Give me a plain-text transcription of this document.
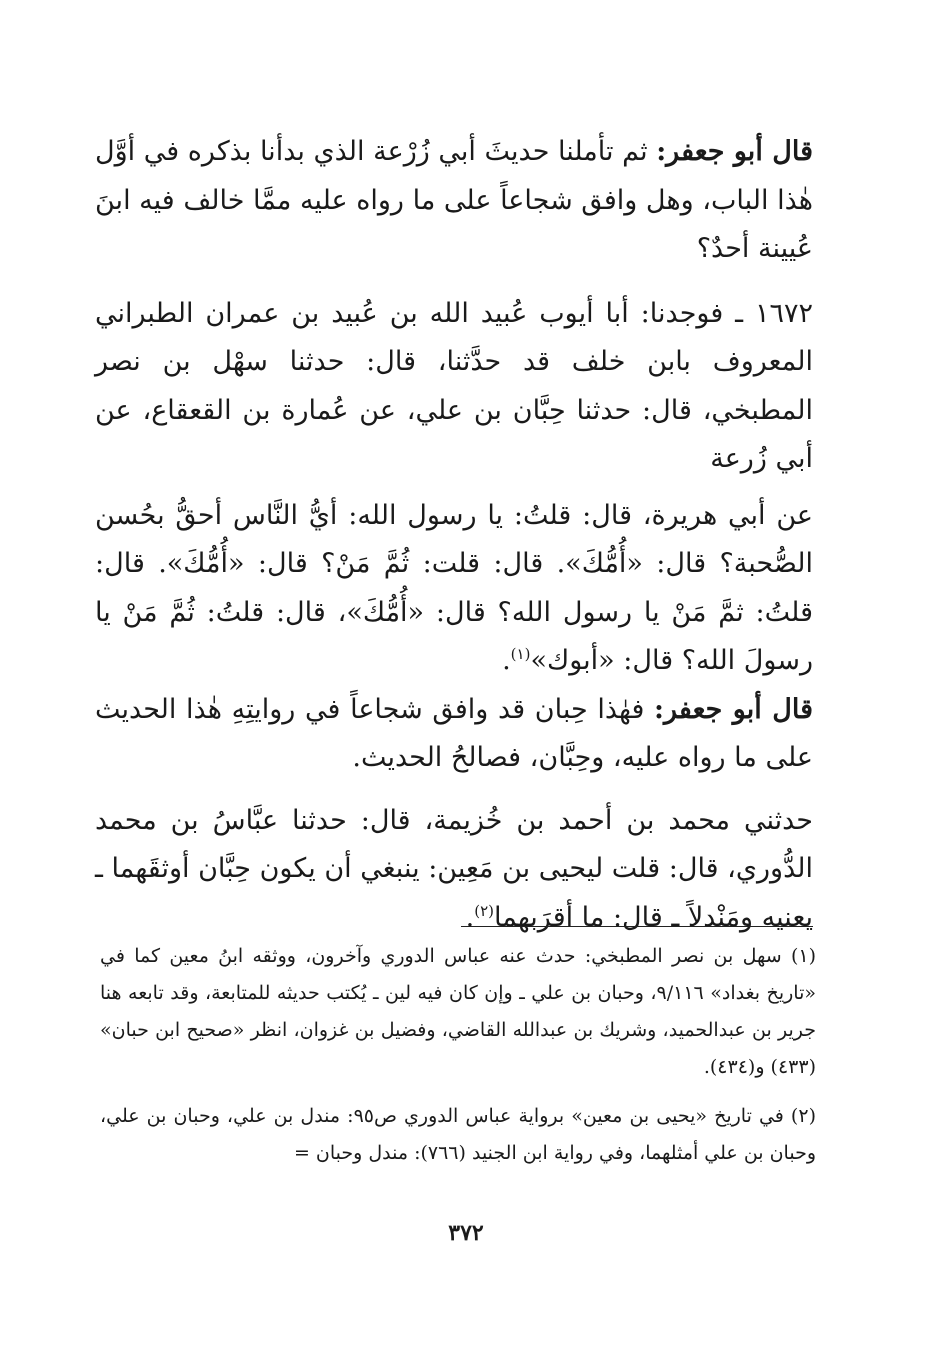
قال أبو جعفر: ثم تأملنا حديثَ أبي زُرْعة الذي بدأنا بذكره في أوَّل هٰذا الباب، وهل وافق شجاعاً على ما رواه عليه ممَّا خالف فيه ابنَ عُيينة أحدٌ؟

١٦٧٢ ـ فوجدنا: أبا أيوب عُبيد الله بن عُبيد بن عمران الطبراني المعروف بابن خلف قد حدَّثنا، قال: حدثنا سهْل بن نصر المطبخي، قال: حدثنا حِبَّان بن علي، عن عُمارة بن القعقاع، عن أبي زُرعة

عن أبي هريرة، قال: قلتُ: يا رسول الله: أيُّ النَّاس أحقُّ بحُسن الصُّحبة؟ قال: «أُمُّكَ». قال: قلت: ثُمَّ مَنْ؟ قال: «أُمُّكَ». قال: قلتُ: ثمَّ مَنْ يا رسول الله؟ قال: «أُمُّكَ»، قال: قلتُ: ثُمَّ مَنْ يا رسولَ الله؟ قال: «أبوك»$^{(١)}$.

قال أبو جعفر: فهٰذا حِبان قد وافق شجاعاً في روايتِهِ هٰذا الحديث على ما رواه عليه، وحِبَّان، فصالحُ الحديث.

حدثني محمد بن أحمد بن خُزيمة، قال: حدثنا عبَّاسُ بن محمد الدُّوري، قال: قلت ليحيى بن مَعِين: ينبغي أن يكون حِبَّان أوثقَهما ـ يعنيه ومَنْدلاً ـ قال: ما أقرَبهما$^{(٢)}$.

(١) سهل بن نصر المطبخي: حدث عنه عباس الدوري وآخرون، ووثقه ابنُ معين كما في «تاريخ بغداد» ٩/١١٦، وحبان بن علي ـ وإن كان فيه لين ـ يُكتب حديثه للمتابعة، وقد تابعه هنا جرير بن عبدالحميد، وشريك بن عبدالله القاضي، وفضيل بن غزوان، انظر «صحيح ابن حبان» (٤٣٣) و(٤٣٤).

(٢) في تاريخ «يحيى بن معين» برواية عباس الدوري ص٩٥: مندل بن علي، وحبان بن علي، وحبان بن علي أمثلهما، وفي رواية ابن الجنيد (٧٦٦): مندل وحبان =

٣٧٢
